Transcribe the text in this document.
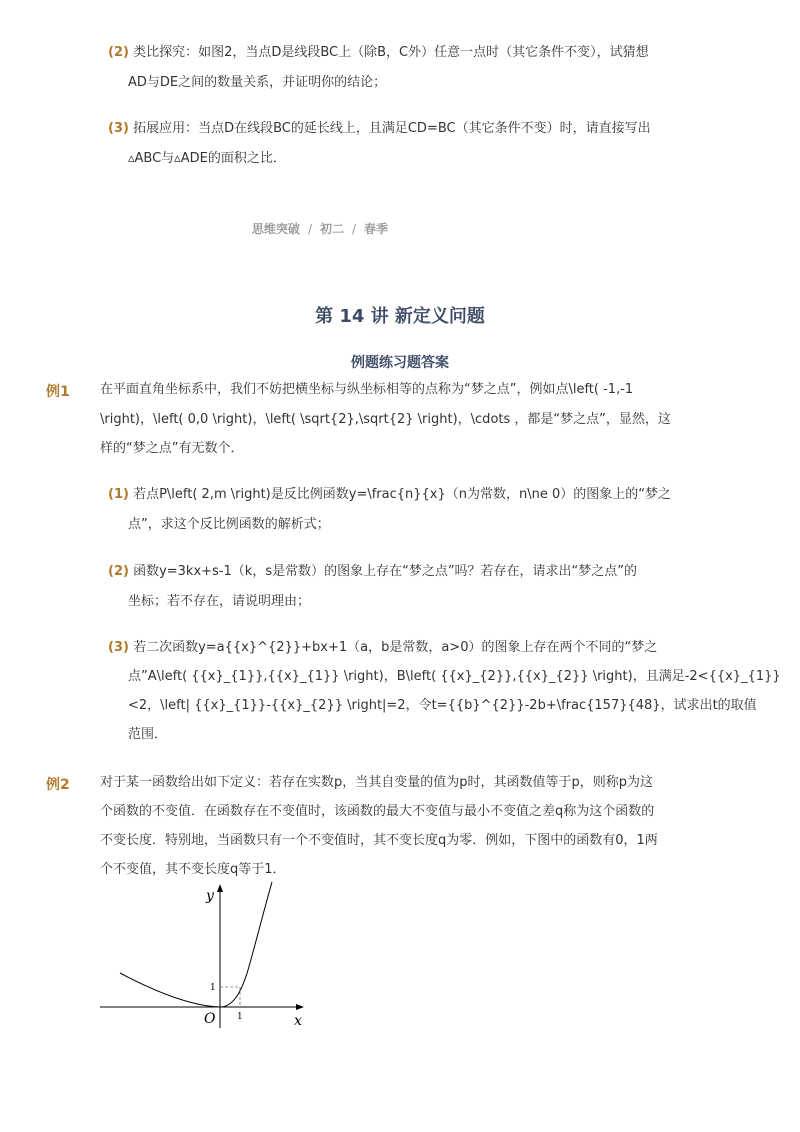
(2) 类比探究：如图2，当点D是线段BC上（除B，C外）任意一点时（其它条件不变），试猜想
AD与DE之间的数量关系，并证明你的结论；
(3) 拓展应用：当点D在线段BC的延长线上，且满足CD=BC（其它条件不变）时，请直接写出
▵ABC与▵ADE的面积之比．
思维突破 / 初二 / 春季
第 14 讲 新定义问题
例题练习题答案
例1 在平面直角坐标系中，我们不妨把横坐标与纵坐标相等的点称为“梦之点”，例如点\left( -1,-1
\right)，\left( 0,0 \right)，\left( \sqrt{2},\sqrt{2} \right)，\cdots ，都是“梦之点”，显然，这
样的“梦之点”有无数个．
(1) 若点P\left( 2,m \right)是反比例函数y=\frac{n}{x}（n为常数，n\ne 0）的图象上的“梦之
点”，求这个反比例函数的解析式；
(2) 函数y=3kx+s-1（k，s是常数）的图象上存在“梦之点”吗？若存在，请求出“梦之点”的
坐标；若不存在，请说明理由；
(3) 若二次函数y=a{{x}^{2}}+bx+1（a，b是常数，a>0）的图象上存在两个不同的“梦之
点”A\left( {{x}_{1}},{{x}_{1}} \right)，B\left( {{x}_{2}},{{x}_{2}} \right)，且满足-2<{{x}_{1}}
<2，\left| {{x}_{1}}-{{x}_{2}} \right|=2，令t={{b}^{2}}-2b+\frac{157}{48}，试求出t的取值
范围．
例2 对于某一函数给出如下定义：若存在实数p，当其自变量的值为p时，其函数值等于p，则称p为这
个函数的不变值．在函数存在不变值时，该函数的最大不变值与最小不变值之差q称为这个函数的
不变长度．特别地，当函数只有一个不变值时，其不变长度q为零．例如，下图中的函数有0，1两
个不变值，其不变长度q等于1．
y
x
O
1
1
